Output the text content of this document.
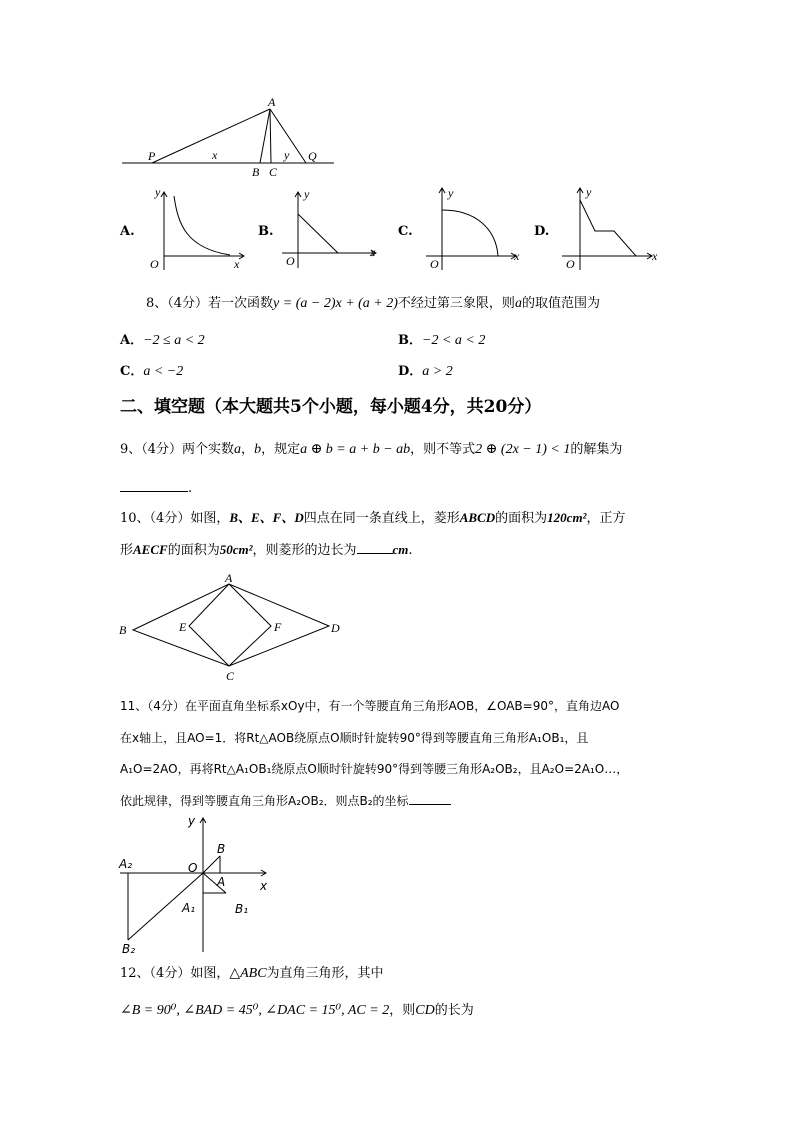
A
P	x	y Q
B C
A.
y
x
O
B.
y
x
O
C.
y
x
O
D.
y
x
O
8、（4分）若一次函数y = (a − 2)x + (a + 2)不经过第三象限，则a的取值范围为
A．−2 ≤ a < 2	B．−2 < a < 2
C．a < −2	D．a > 2
二、填空题（本大题共5个小题，每小题4分，共20分）
9、（4分）两个实数a，b，规定a ⊕ b = a + b − ab，则不等式2 ⊕ (2x − 1) < 1的解集为
.
10、（4分）如图，B、E、F、D四点在同一条直线上，菱形ABCD的面积为120cm²，正方
形AECF的面积为50cm²，则菱形的边长为	cm.
A
B	E	F	D
C
11、（4分）在平面直角坐标系xOy中，有一个等腰直角三角形AOB，∠OAB=90°，直角边AO
在x轴上，且AO=1．将Rt△AOB绕原点O顺时针旋转90°得到等腰直角三角形A₁OB₁，且
A₁O=2AO，再将Rt△A₁OB₁绕原点O顺时针旋转90°得到等腰三角形A₂OB₂，且A₂O=2A₁O…，
依此规律，得到等腰直角三角形A₂OB₂．则点B₂的坐标
y
x
O
B
A
A₁	B₁
A₂
B₂
12、（4分）如图，△ABC为直角三角形，其中
∠B = 90⁰, ∠BAD = 45⁰, ∠DAC = 15⁰, AC = 2，则CD的长为
